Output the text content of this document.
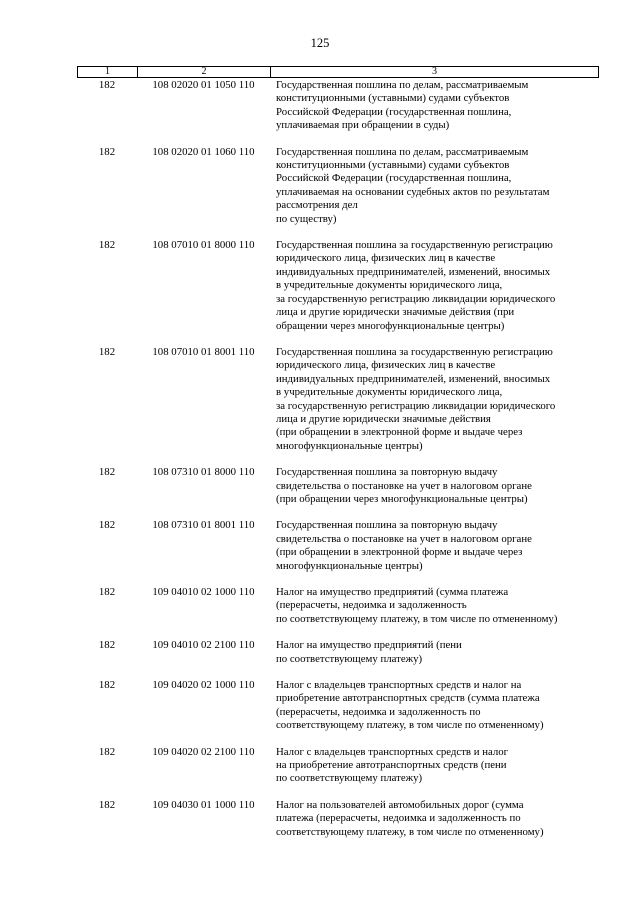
125
1	2	3
182	108 02020 01 1050 110	Государственная пошлина по делам, рассматриваемым
конституционными (уставными) судами субъектов
Российской Федерации (государственная пошлина,
уплачиваемая при обращении в суды)
182	108 02020 01 1060 110	Государственная пошлина по делам, рассматриваемым
конституционными (уставными) судами субъектов
Российской Федерации (государственная пошлина,
уплачиваемая на основании судебных актов по результатам
рассмотрения дел
по существу)
182	108 07010 01 8000 110	Государственная пошлина за государственную регистрацию
юридического лица, физических лиц в качестве
индивидуальных предпринимателей, изменений, вносимых
в учредительные документы юридического лица,
за государственную регистрацию ликвидации юридического
лица и другие юридически значимые действия (при
обращении через многофункциональные центры)
182	108 07010 01 8001 110	Государственная пошлина за государственную регистрацию
юридического лица, физических лиц в качестве
индивидуальных предпринимателей, изменений, вносимых
в учредительные документы юридического лица,
за государственную регистрацию ликвидации юридического
лица и другие юридически значимые действия
(при обращении в электронной форме и выдаче через
многофункциональные центры)
182	108 07310 01 8000 110	Государственная пошлина за повторную выдачу
свидетельства о постановке на учет в налоговом органе
(при обращении через многофункциональные центры)
182	108 07310 01 8001 110	Государственная пошлина за повторную выдачу
свидетельства о постановке на учет в налоговом органе
(при обращении в электронной форме и выдаче через
многофункциональные центры)
182	109 04010 02 1000 110	Налог на имущество предприятий (сумма платежа
(перерасчеты, недоимка и задолженность
по соответствующему платежу, в том числе по отмененному)
182	109 04010 02 2100 110	Налог на имущество предприятий (пени
по соответствующему платежу)
182	109 04020 02 1000 110	Налог с владельцев транспортных средств и налог на
приобретение автотранспортных средств (сумма платежа
(перерасчеты, недоимка и задолженность по
соответствующему платежу, в том числе по отмененному)
182	109 04020 02 2100 110	Налог с владельцев транспортных средств и налог
на приобретение автотранспортных средств (пени
по соответствующему платежу)
182	109 04030 01 1000 110	Налог на пользователей автомобильных дорог (сумма
платежа (перерасчеты, недоимка и задолженность по
соответствующему платежу, в том числе по отмененному)
